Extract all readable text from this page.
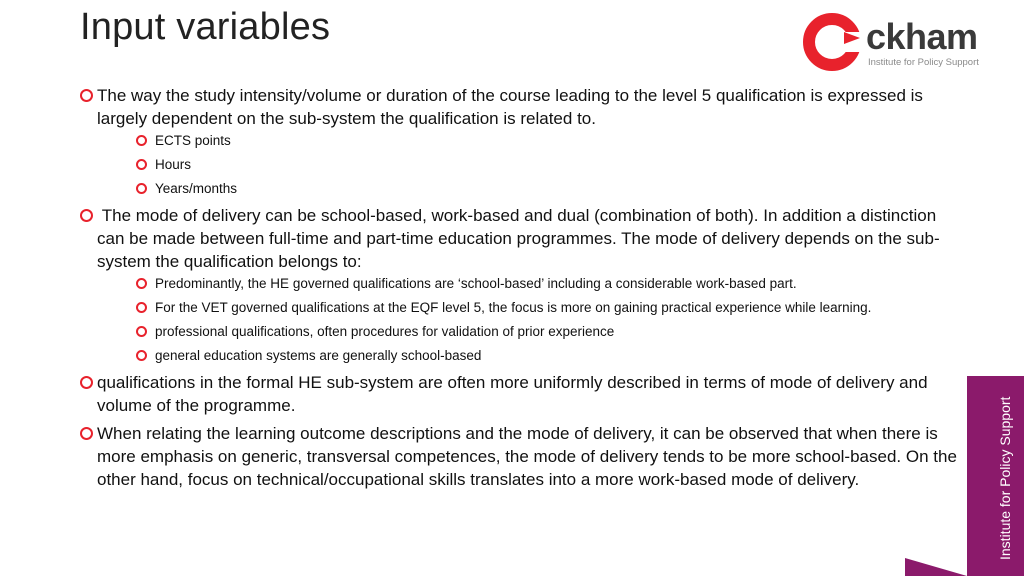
Input variables	ckham
Institute for Policy Support
The way the study intensity/volume or duration of the course leading to the level 5 qualification is expressed is largely dependent on the sub-system the qualification is related to.
ECTS points
Hours
Years/months
The mode of delivery can be school-based, work-based and dual (combination of both). In addition a distinction can be made between full-time and part-time education programmes. The mode of delivery depends on the sub-system the qualification belongs to:
Predominantly, the HE governed qualifications are ‘school-based’ including a considerable work-based part.
For the VET governed qualifications at the EQF level 5, the focus is more on gaining practical experience while learning.
professional qualifications, often procedures for validation of prior experience
general education systems are generally school-based
qualifications in the formal HE sub-system are often more uniformly described in terms of mode of delivery and volume of the programme.
When relating the learning outcome descriptions and the mode of delivery, it can be observed that when there is more emphasis on generic, transversal competences, the mode of delivery tends to be more school-based. On the other hand, focus on technical/occupational skills translates into a more work-based mode of delivery.	Institute for Policy Support
